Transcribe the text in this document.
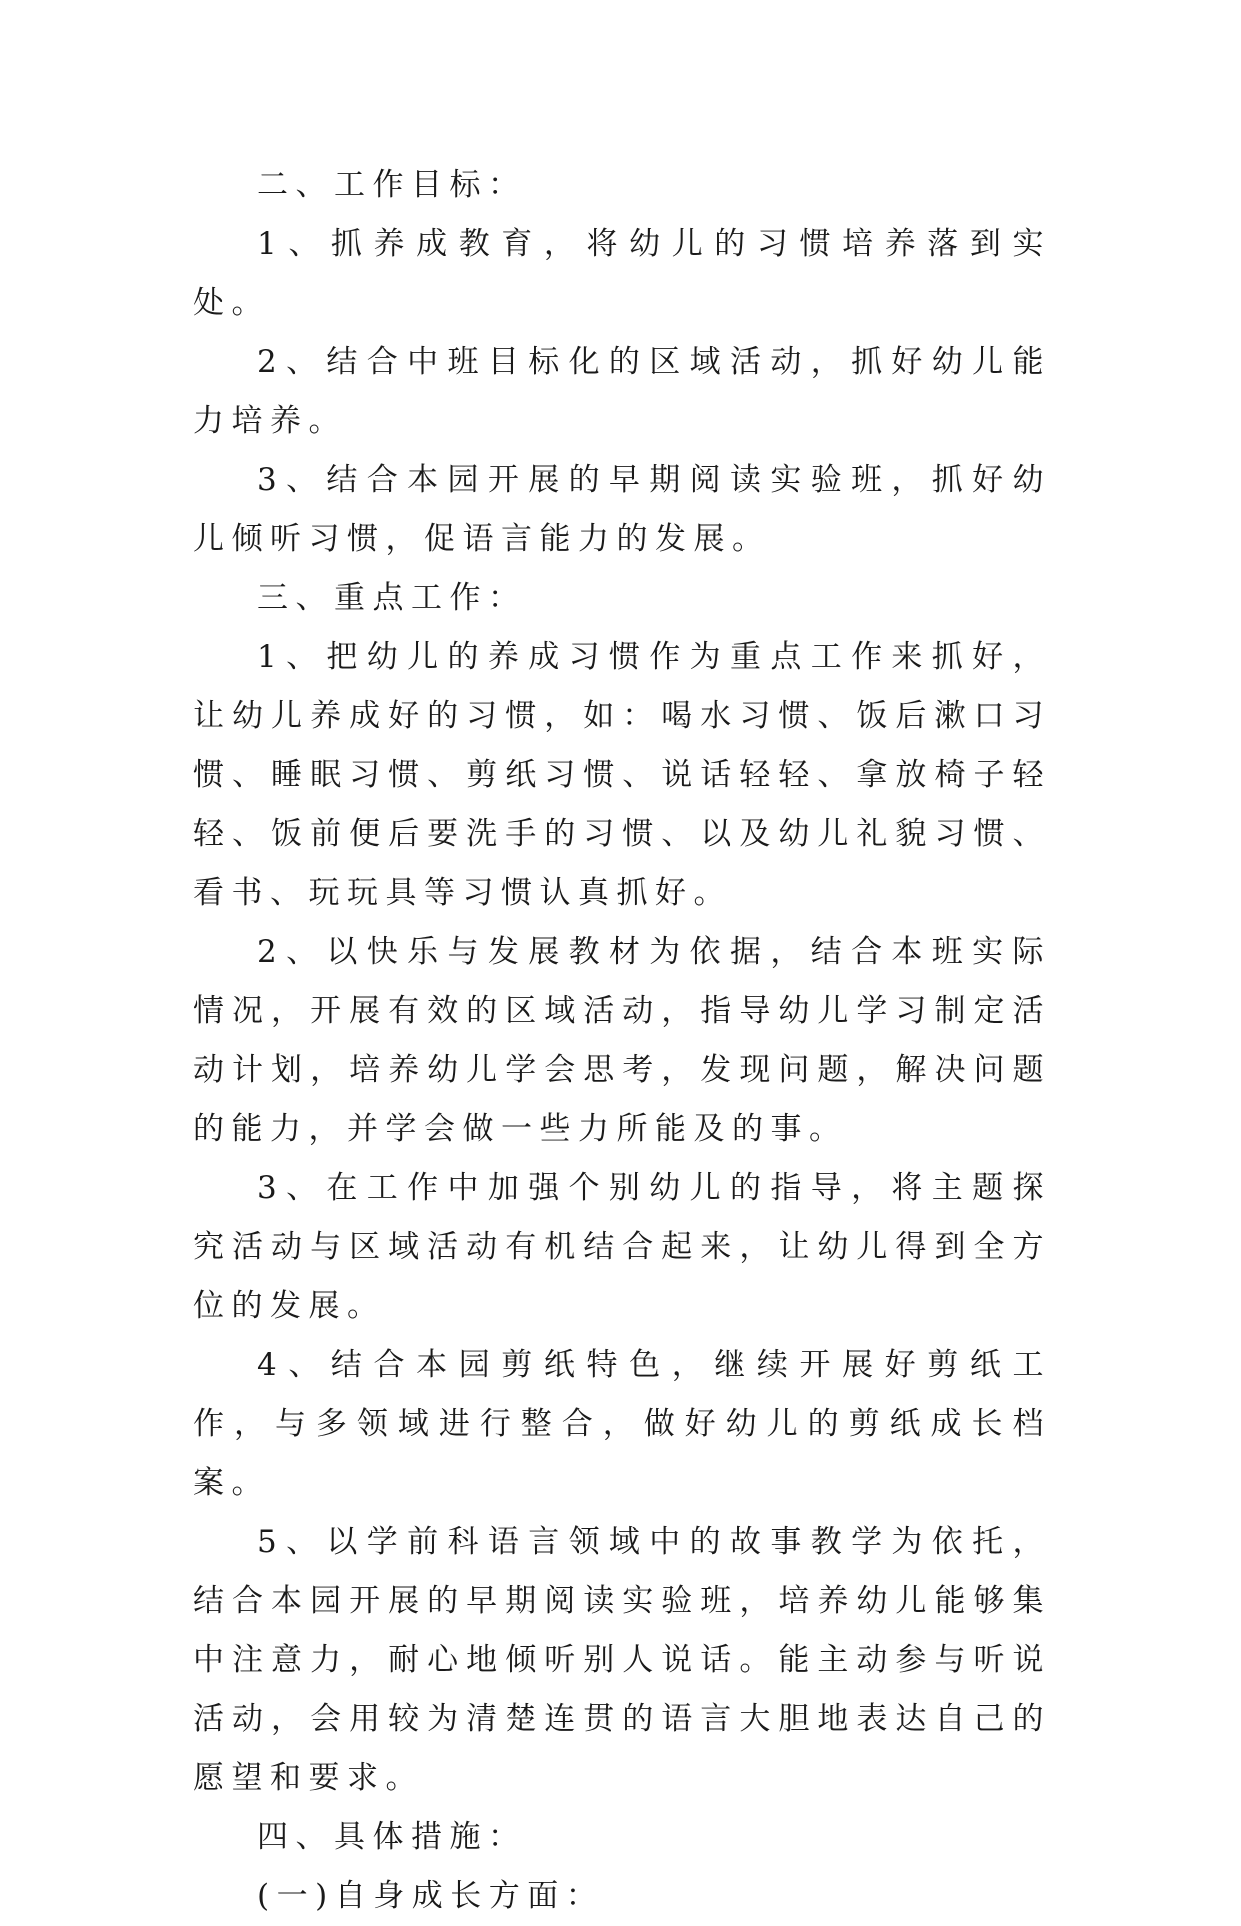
二、工作目标：

1、抓养成教育，将幼儿的习惯培养落到实处。

2、结合中班目标化的区域活动，抓好幼儿能力培养。

3、结合本园开展的早期阅读实验班，抓好幼儿倾听习惯，促语言能力的发展。

三、重点工作：

1、把幼儿的养成习惯作为重点工作来抓好，让幼儿养成好的习惯，如：喝水习惯、饭后漱口习惯、睡眠习惯、剪纸习惯、说话轻轻、拿放椅子轻轻、饭前便后要洗手的习惯、以及幼儿礼貌习惯、看书、玩玩具等习惯认真抓好。

2、以快乐与发展教材为依据，结合本班实际情况，开展有效的区域活动，指导幼儿学习制定活动计划，培养幼儿学会思考，发现问题，解决问题的能力，并学会做一些力所能及的事。

3、在工作中加强个别幼儿的指导，将主题探究活动与区域活动有机结合起来，让幼儿得到全方位的发展。

4、结合本园剪纸特色，继续开展好剪纸工作，与多领域进行整合，做好幼儿的剪纸成长档案。

5、以学前科语言领域中的故事教学为依托，结合本园开展的早期阅读实验班，培养幼儿能够集中注意力，耐心地倾听别人说话。能主动参与听说活动，会用较为清楚连贯的语言大胆地表达自己的愿望和要求。

四、具体措施：

(一)自身成长方面：
